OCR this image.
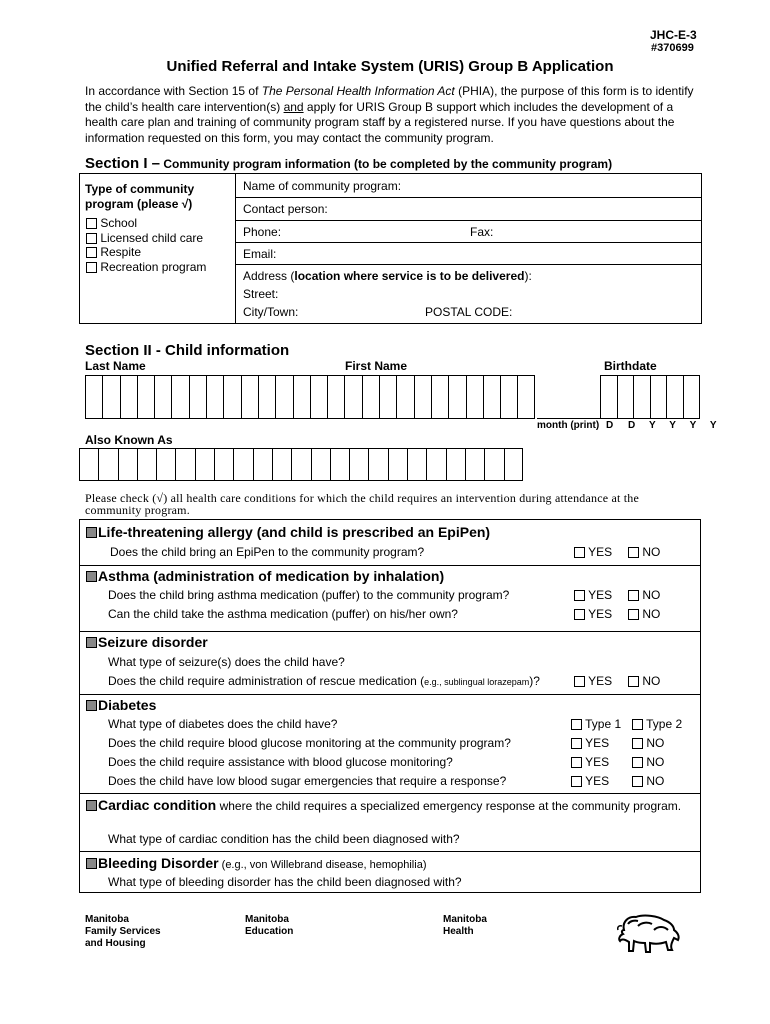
JHC-E-3
#370699
Unified Referral and Intake System (URIS) Group B Application
In accordance with Section 15 of The Personal Health Information Act (PHIA), the purpose of this form is to identify the child’s health care intervention(s) and apply for URIS Group B support which includes the development of a health care plan and training of community program staff by a registered nurse. If you have questions about the information requested on this form, you may contact the community program.
Section I – Community program information (to be completed by the community program)
Type of community program (please √)
School
Licensed child care
Respite
Recreation program
Name of community program:
Contact person:
Phone:	Fax:
Email:
Address (location where service is to be delivered):
Street:
City/Town:	POSTAL CODE:
Section II - Child information
Last Name	First Name	Birthdate
month (print) D D Y Y Y Y
Also Known As
Please check (√) all health care conditions for which the child requires an intervention during attendance at the community program.
Life-threatening allergy (and child is prescribed an EpiPen)
Does the child bring an EpiPen to the community program?	YES	NO
Asthma (administration of medication by inhalation)
Does the child bring asthma medication (puffer) to the community program?	YES	NO
Can the child take the asthma medication (puffer) on his/her own?	YES	NO
Seizure disorder
What type of seizure(s) does the child have?
Does the child require administration of rescue medication (e.g., sublingual lorazepam)?	YES	NO
Diabetes
What type of diabetes does the child have?	Type 1	Type 2
Does the child require blood glucose monitoring at the community program?	YES	NO
Does the child require assistance with blood glucose monitoring?	YES	NO
Does the child have low blood sugar emergencies that require a response?	YES	NO
Cardiac condition where the child requires a specialized emergency response at the community program.
What type of cardiac condition has the child been diagnosed with?
Bleeding Disorder (e.g., von Willebrand disease, hemophilia)
What type of bleeding disorder has the child been diagnosed with?
Manitoba
Family Services
and Housing
Manitoba
Education
Manitoba
Health
